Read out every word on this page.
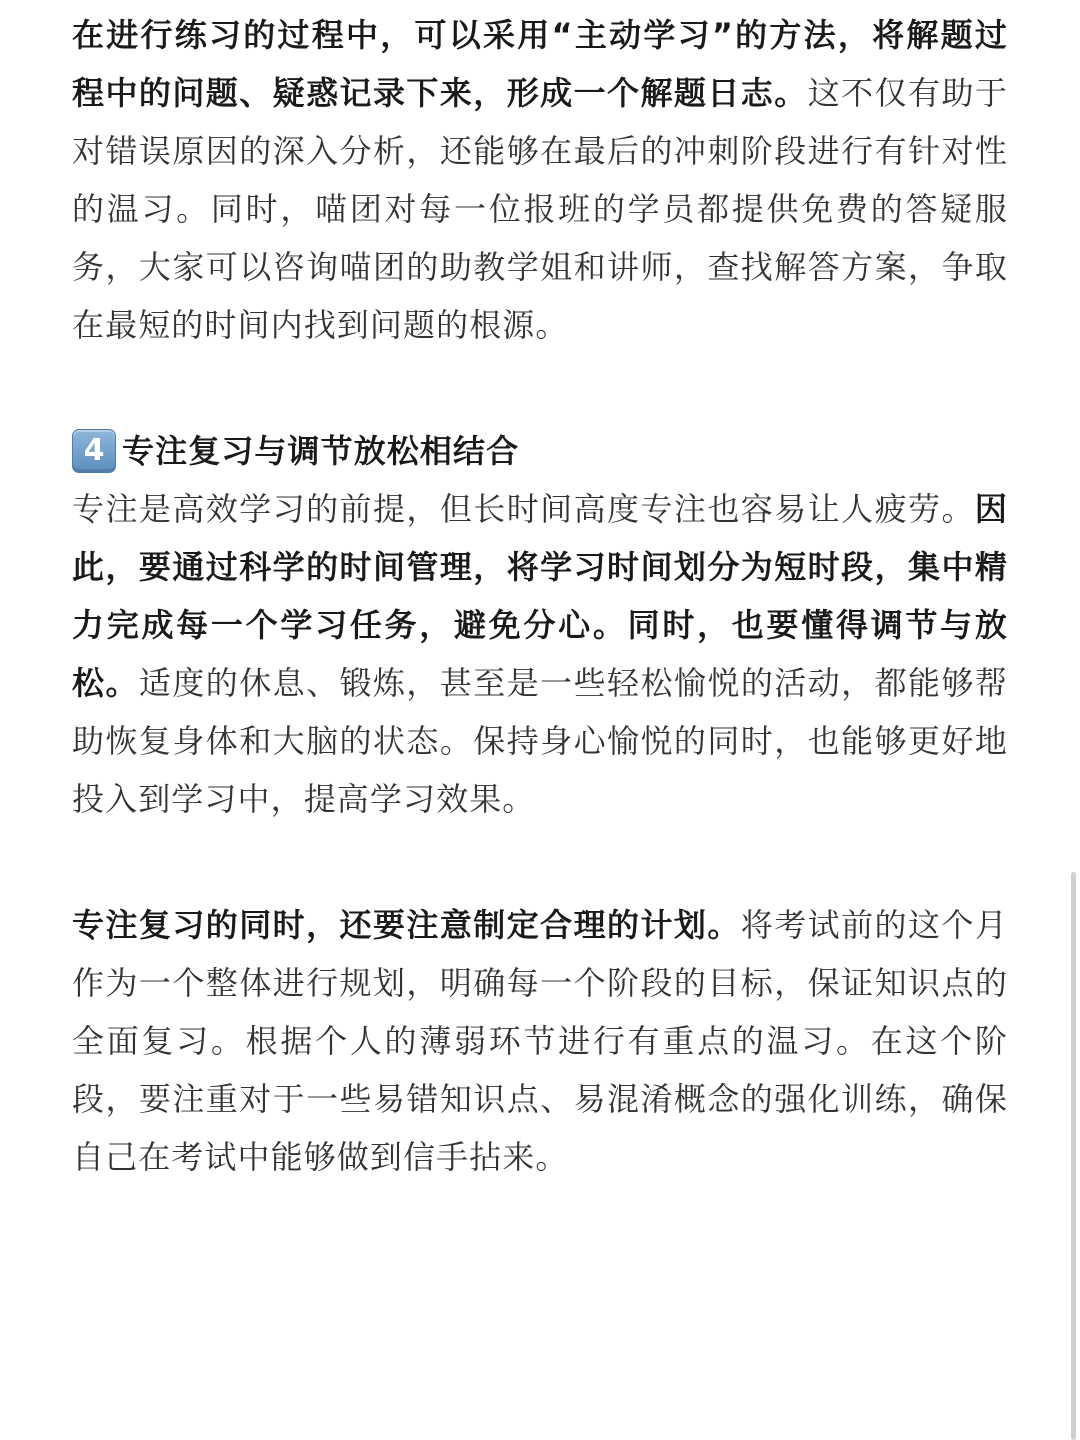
在进行练习的过程中，可以采用“主动学习”的方法，将解题过程中的问题、疑惑记录下来，形成一个解题日志。这不仅有助于对错误原因的深入分析，还能够在最后的冲刺阶段进行有针对性的温习。同时，喵团对每一位报班的学员都提供免费的答疑服务，大家可以咨询喵团的助教学姐和讲师，查找解答方案，争取在最短的时间内找到问题的根源。

4 专注复习与调节放松相结合

专注是高效学习的前提，但长时间高度专注也容易让人疲劳。因此，要通过科学的时间管理，将学习时间划分为短时段，集中精力完成每一个学习任务，避免分心。同时，也要懂得调节与放松。适度的休息、锻炼，甚至是一些轻松愉悦的活动，都能够帮助恢复身体和大脑的状态。保持身心愉悦的同时，也能够更好地投入到学习中，提高学习效果。

专注复习的同时，还要注意制定合理的计划。将考试前的这个月作为一个整体进行规划，明确每一个阶段的目标，保证知识点的全面复习。根据个人的薄弱环节进行有重点的温习。在这个阶段，要注重对于一些易错知识点、易混淆概念的强化训练，确保自己在考试中能够做到信手拈来。
